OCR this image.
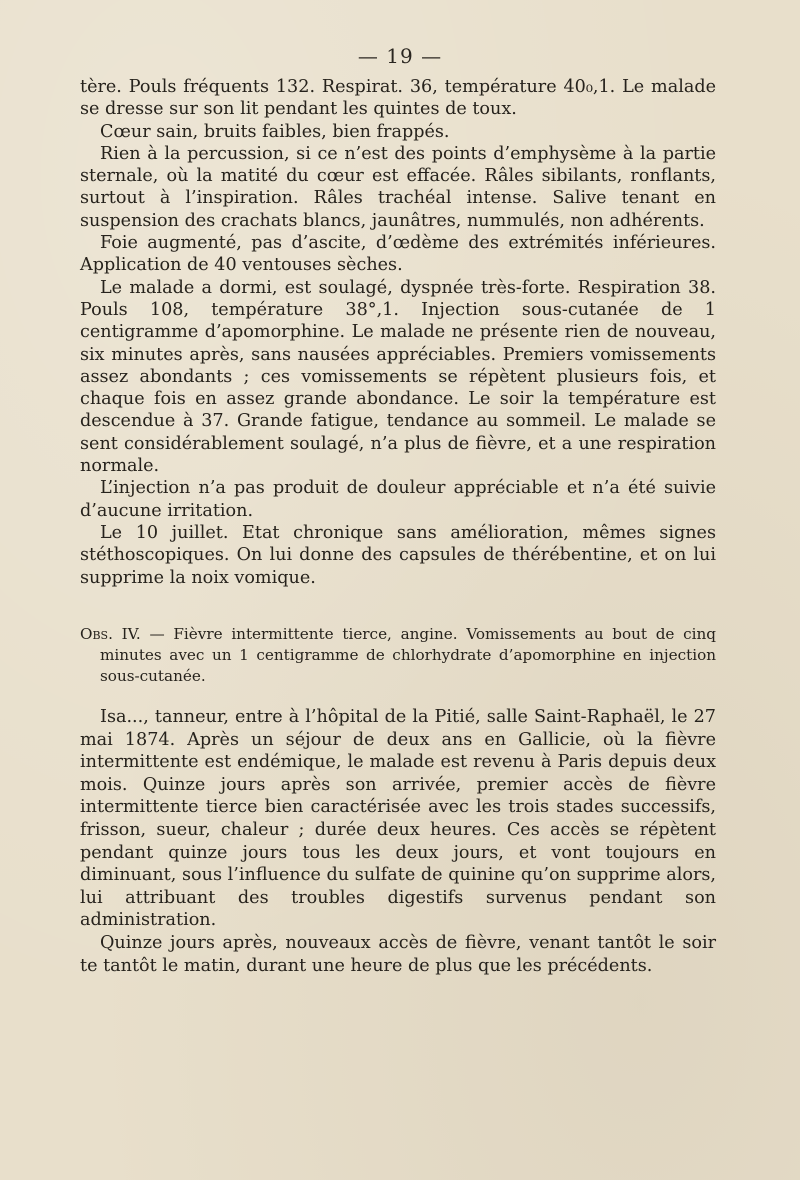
— 19 —

tère. Pouls fréquents 132. Respirat. 36, température 40₀,1. Le malade se dresse sur son lit pendant les quintes de toux.

Cœur sain, bruits faibles, bien frappés.

Rien à la percussion, si ce n’est des points d’emphysème à la partie sternale, où la matité du cœur est effacée. Râles sibilants, ronflants, surtout à l’inspiration. Râles trachéal intense. Salive tenant en suspension des crachats blancs, jaunâtres, nummulés, non adhérents.

Foie augmenté, pas d’ascite, d’œdème des extrémités inférieures. Application de 40 ventouses sèches.

Le malade a dormi, est soulagé, dyspnée très-forte. Respiration 38. Pouls 108, température 38°,1. Injection sous-cutanée de 1 centigramme d’apomorphine. Le malade ne présente rien de nouveau, six minutes après, sans nausées appréciables. Premiers vomissements assez abondants ; ces vomissements se répètent plusieurs fois, et chaque fois en assez grande abondance. Le soir la température est descendue à 37. Grande fatigue, tendance au sommeil. Le malade se sent considérablement soulagé, n’a plus de fièvre, et a une respiration normale.

L’injection n’a pas produit de douleur appréciable et n’a été suivie d’aucune irritation.

Le 10 juillet. Etat chronique sans amélioration, mêmes signes stéthoscopiques. On lui donne des capsules de thérébentine, et on lui supprime la noix vomique.

Obs. IV. — Fièvre intermittente tierce, angine. Vomissements au bout de cinq minutes avec un 1 centigramme de chlorhydrate d’apomorphine en injection sous-cutanée.

Isa..., tanneur, entre à l’hôpital de la Pitié, salle Saint-Raphaël, le 27 mai 1874. Après un séjour de deux ans en Gallicie, où la fièvre intermittente est endémique, le malade est revenu à Paris depuis deux mois. Quinze jours après son arrivée, premier accès de fièvre intermittente tierce bien caractérisée avec les trois stades successifs, frisson, sueur, chaleur ; durée deux heures. Ces accès se répètent pendant quinze jours tous les deux jours, et vont toujours en diminuant, sous l’influence du sulfate de quinine qu’on supprime alors, lui attribuant des troubles digestifs survenus pendant son administration.

Quinze jours après, nouveaux accès de fièvre, venant tantôt le soir te tantôt le matin, durant une heure de plus que les précédents.
